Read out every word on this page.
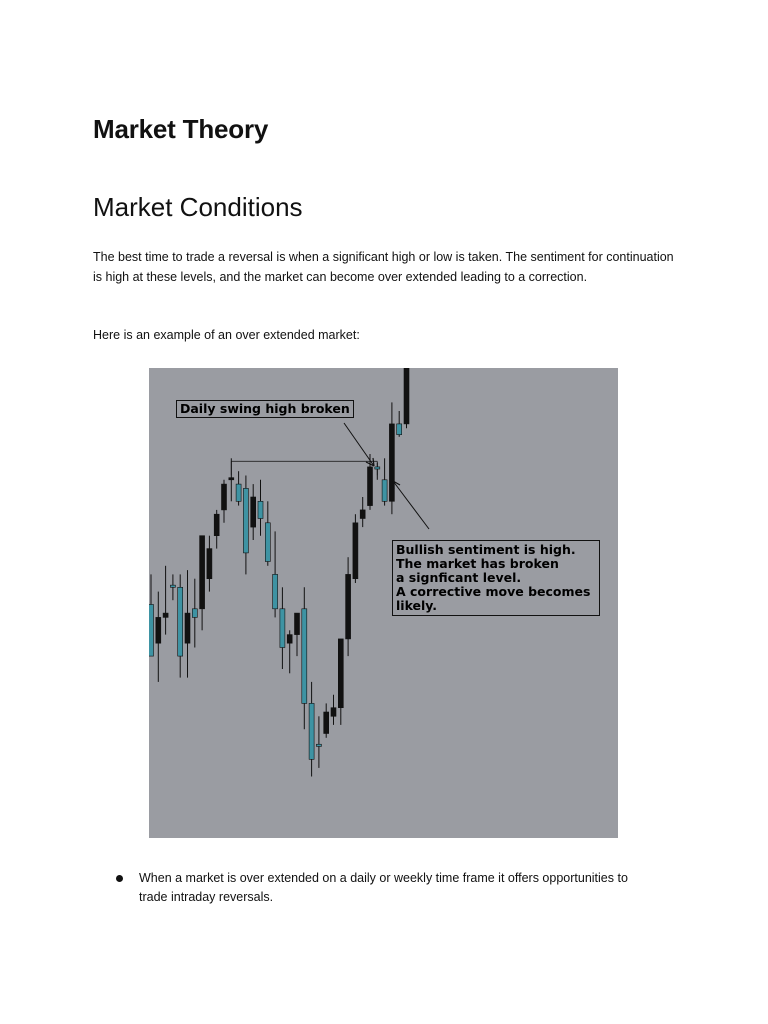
Market Theory
Market Conditions

The best time to trade a reversal is when a significant high or low is taken. The sentiment for continuation is high at these levels, and the market can become over extended leading to a correction.

Here is an example of an over extended market:

Daily swing high broken
Bullish sentiment is high.
The market has broken
a signficant level.
A corrective move becomes
likely.
When a market is over extended on a daily or weekly time frame it offers opportunities to trade intraday reversals.
